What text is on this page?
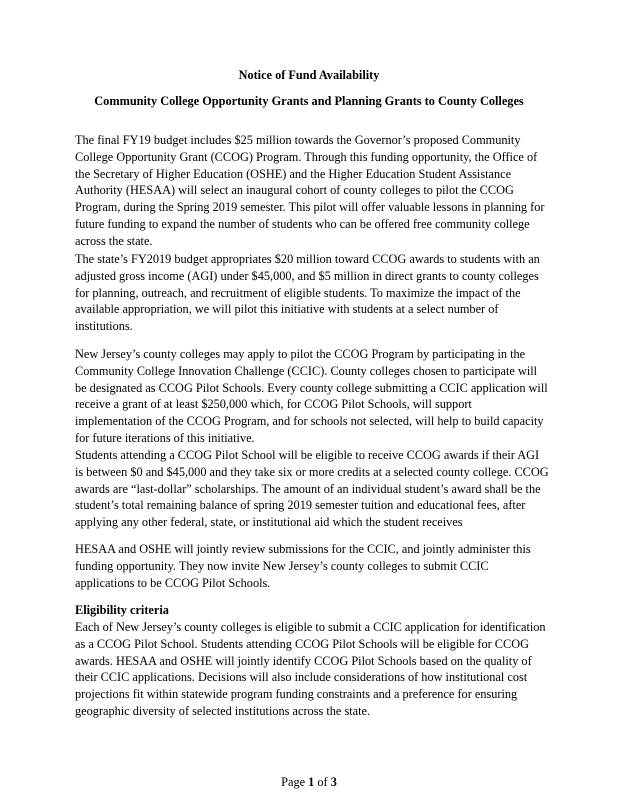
Notice of Fund Availability
Community College Opportunity Grants and Planning Grants to County Colleges

The final FY19 budget includes $25 million towards the Governor’s proposed Community College Opportunity Grant (CCOG) Program. Through this funding opportunity, the Office of the Secretary of Higher Education (OSHE) and the Higher Education Student Assistance Authority (HESAA) will select an inaugural cohort of county colleges to pilot the CCOG Program, during the Spring 2019 semester. This pilot will offer valuable lessons in planning for future funding to expand the number of students who can be offered free community college across the state.

The state’s FY2019 budget appropriates $20 million toward CCOG awards to students with an adjusted gross income (AGI) under $45,000, and $5 million in direct grants to county colleges for planning, outreach, and recruitment of eligible students. To maximize the impact of the available appropriation, we will pilot this initiative with students at a select number of institutions.

New Jersey’s county colleges may apply to pilot the CCOG Program by participating in the Community College Innovation Challenge (CCIC). County colleges chosen to participate will be designated as CCOG Pilot Schools. Every county college submitting a CCIC application will receive a grant of at least $250,000 which, for CCOG Pilot Schools, will support implementation of the CCOG Program, and for schools not selected, will help to build capacity for future iterations of this initiative.

Students attending a CCOG Pilot School will be eligible to receive CCOG awards if their AGI is between $0 and $45,000 and they take six or more credits at a selected county college. CCOG awards are “last-dollar” scholarships. The amount of an individual student’s award shall be the student’s total remaining balance of spring 2019 semester tuition and educational fees, after applying any other federal, state, or institutional aid which the student receives

HESAA and OSHE will jointly review submissions for the CCIC, and jointly administer this funding opportunity. They now invite New Jersey’s county colleges to submit CCIC applications to be CCOG Pilot Schools.

Eligibility criteria

Each of New Jersey’s county colleges is eligible to submit a CCIC application for identification as a CCOG Pilot School. Students attending CCOG Pilot Schools will be eligible for CCOG awards. HESAA and OSHE will jointly identify CCOG Pilot Schools based on the quality of their CCIC applications. Decisions will also include considerations of how institutional cost projections fit within statewide program funding constraints and a preference for ensuring geographic diversity of selected institutions across the state.

Page 1 of 3
